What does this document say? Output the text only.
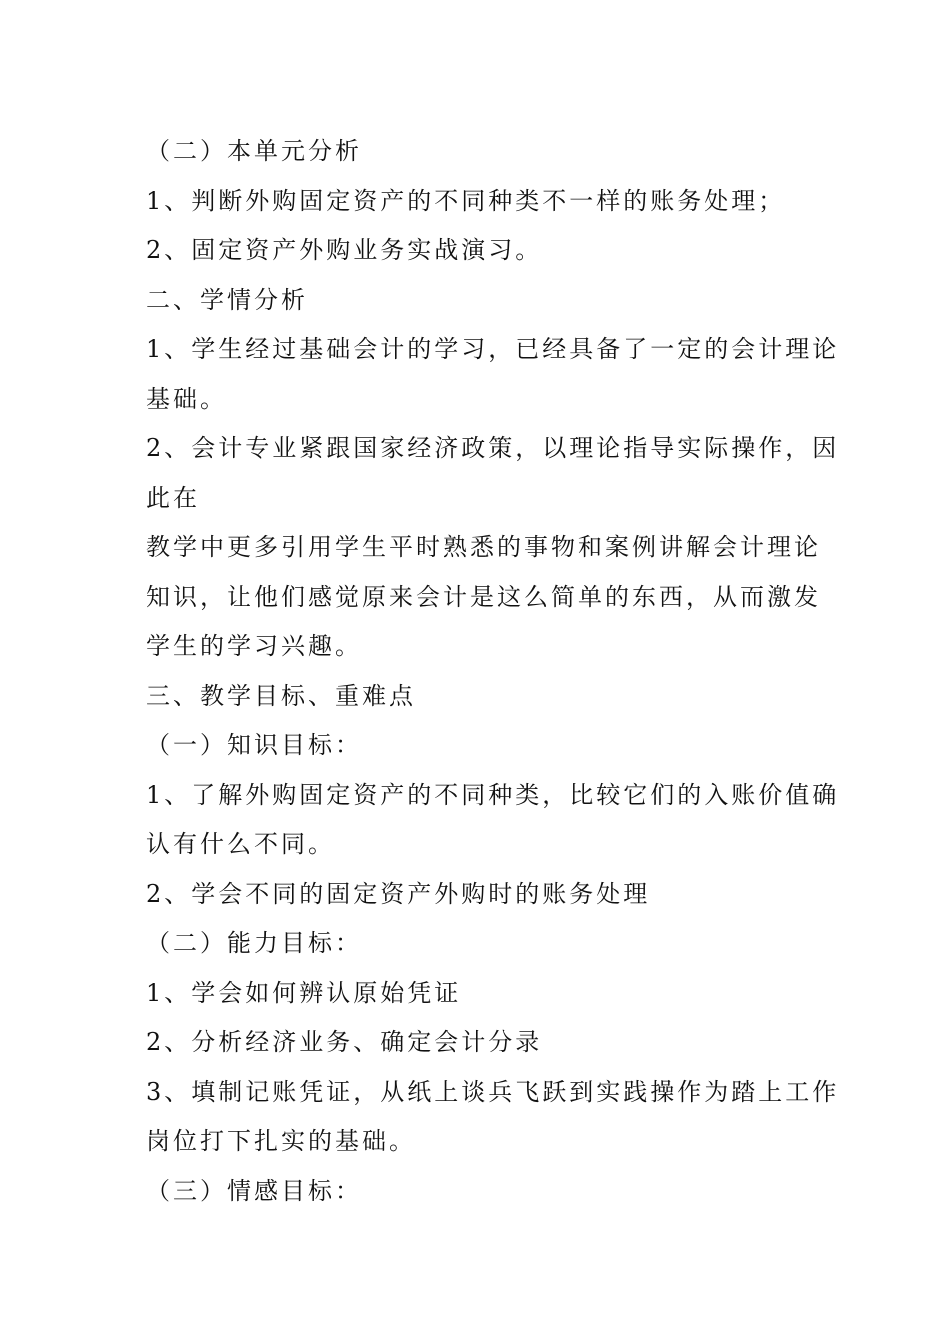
（二）本单元分析
1、判断外购固定资产的不同种类不一样的账务处理；
2、固定资产外购业务实战演习。
二、学情分析
1、学生经过基础会计的学习，已经具备了一定的会计理论
基础。
2、会计专业紧跟国家经济政策，以理论指导实际操作，因
此在
教学中更多引用学生平时熟悉的事物和案例讲解会计理论
知识，让他们感觉原来会计是这么简单的东西，从而激发
学生的学习兴趣。
三、教学目标、重难点
（一）知识目标：
1、了解外购固定资产的不同种类，比较它们的入账价值确
认有什么不同。
2、学会不同的固定资产外购时的账务处理
（二）能力目标：
1、学会如何辨认原始凭证
2、分析经济业务、确定会计分录
3、填制记账凭证，从纸上谈兵飞跃到实践操作为踏上工作
岗位打下扎实的基础。
（三）情感目标：
